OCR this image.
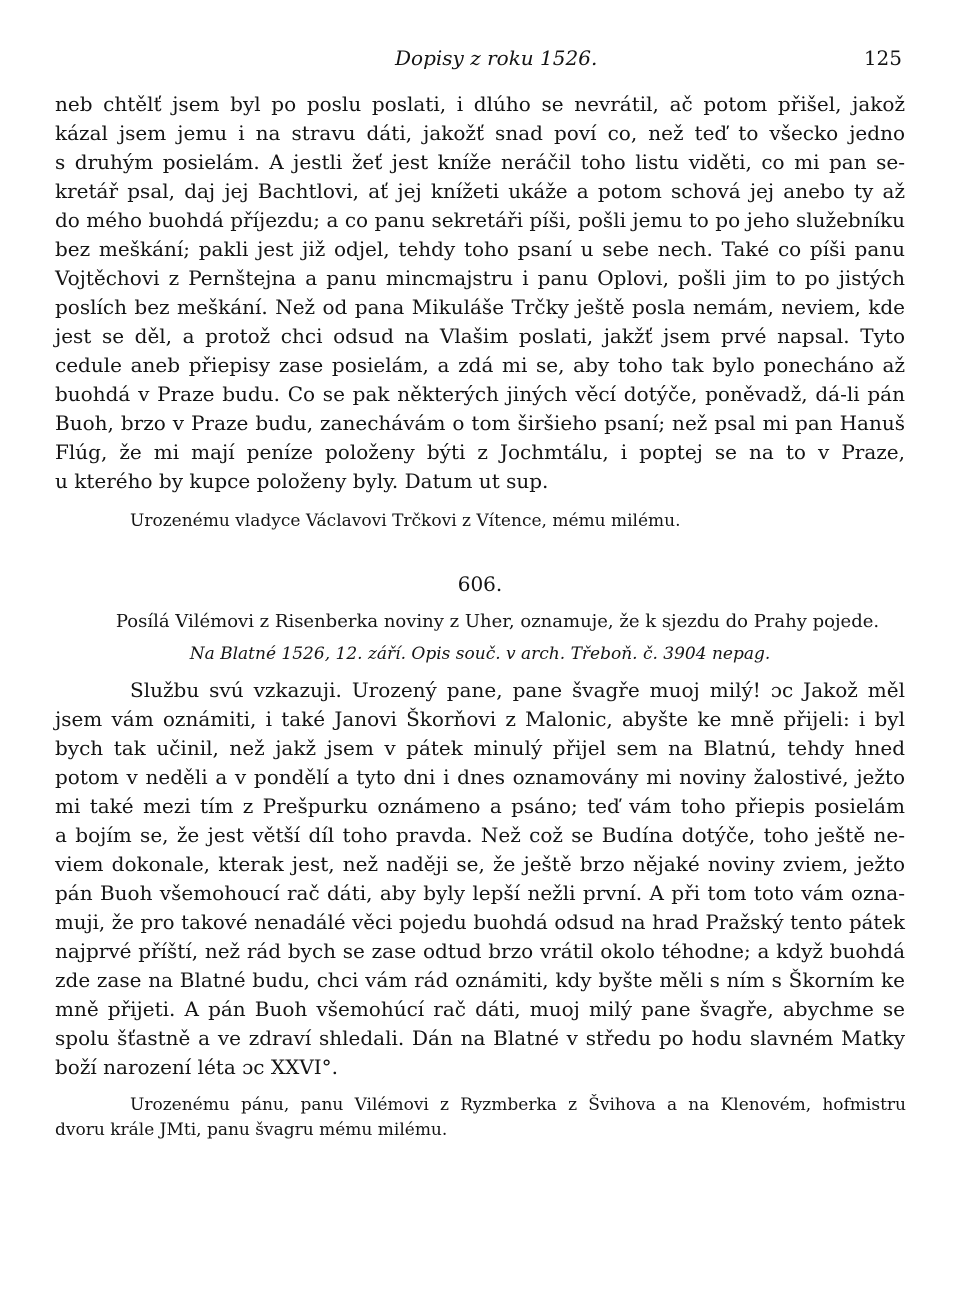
Dopisy z roku 1526.	125
neb chtělť jsem byl po poslu poslati, i dlúho se nevrátil, ač potom přišel, jakož
kázal jsem jemu i na stravu dáti, jakožť snad poví co, než teď to všecko jedno
s druhým posielám. A jestli žeť jest kníže neráčil toho listu viděti, co mi pan se-
kretář psal, daj jej Bachtlovi, ať jej knížeti ukáže a potom schová jej anebo ty až
do mého buohdá příjezdu; a co panu sekretáři píši, pošli jemu to po jeho služebníku
bez meškání; pakli jest již odjel, tehdy toho psaní u sebe nech. Také co píši panu
Vojtěchovi z Pernštejna a panu mincmajstru i panu Oplovi, pošli jim to po jistých
poslích bez meškání. Než od pana Mikuláše Trčky ještě posla nemám, neviem, kde
jest se děl, a protož chci odsud na Vlašim poslati, jakžť jsem prvé napsal. Tyto
cedule aneb přiepisy zase posielám, a zdá mi se, aby toho tak bylo ponecháno až
buohdá v Praze budu. Co se pak některých jiných věcí dotýče, poněvadž, dá-li pán
Buoh, brzo v Praze budu, zanechávám o tom širšieho psaní; než psal mi pan Hanuš
Flúg, že mi mají peníze položeny býti z Jochmtálu, i poptej se na to v Praze,
u kterého by kupce položeny byly. Datum ut sup.
Urozenému vladyce Václavovi Trčkovi z Vítence, mému milému.
606.
Posílá Vilémovi z Risenberka noviny z Uher, oznamuje, že k sjezdu do Prahy pojede.
Na Blatné 1526, 12. září. Opis souč. v arch. Třeboň. č. 3904 nepag.
Službu svú vzkazuji. Urozený pane, pane švagře muoj milý! ɔc Jakož měl
jsem vám oznámiti, i také Janovi Škorňovi z Malonic, abyšte ke mně přijeli: i byl
bych tak učinil, než jakž jsem v pátek minulý přijel sem na Blatnú, tehdy hned
potom v neděli a v pondělí a tyto dni i dnes oznamovány mi noviny žalostivé, ježto
mi také mezi tím z Prešpurku oznámeno a psáno; teď vám toho přiepis posielám
a bojím se, že jest větší díl toho pravda. Než což se Budína dotýče, toho ještě ne-
viem dokonale, kterak jest, než naději se, že ještě brzo nějaké noviny zviem, ježto
pán Buoh všemohoucí rač dáti, aby byly lepší nežli první. A při tom toto vám ozna-
muji, že pro takové nenadálé věci pojedu buohdá odsud na hrad Pražský tento pátek
najprvé příští, než rád bych se zase odtud brzo vrátil okolo téhodne; a když buohdá
zde zase na Blatné budu, chci vám rád oznámiti, kdy byšte měli s ním s Škorním ke
mně přijeti. A pán Buoh všemohúcí rač dáti, muoj milý pane švagře, abychme se
spolu šťastně a ve zdraví shledali. Dán na Blatné v středu po hodu slavném Matky
boží narození léta ɔc XXVI°.
Urozenému pánu, panu Vilémovi z Ryzmberka z Švihova a na Klenovém, hofmistru
dvoru krále JMti, panu švagru mému milému.
